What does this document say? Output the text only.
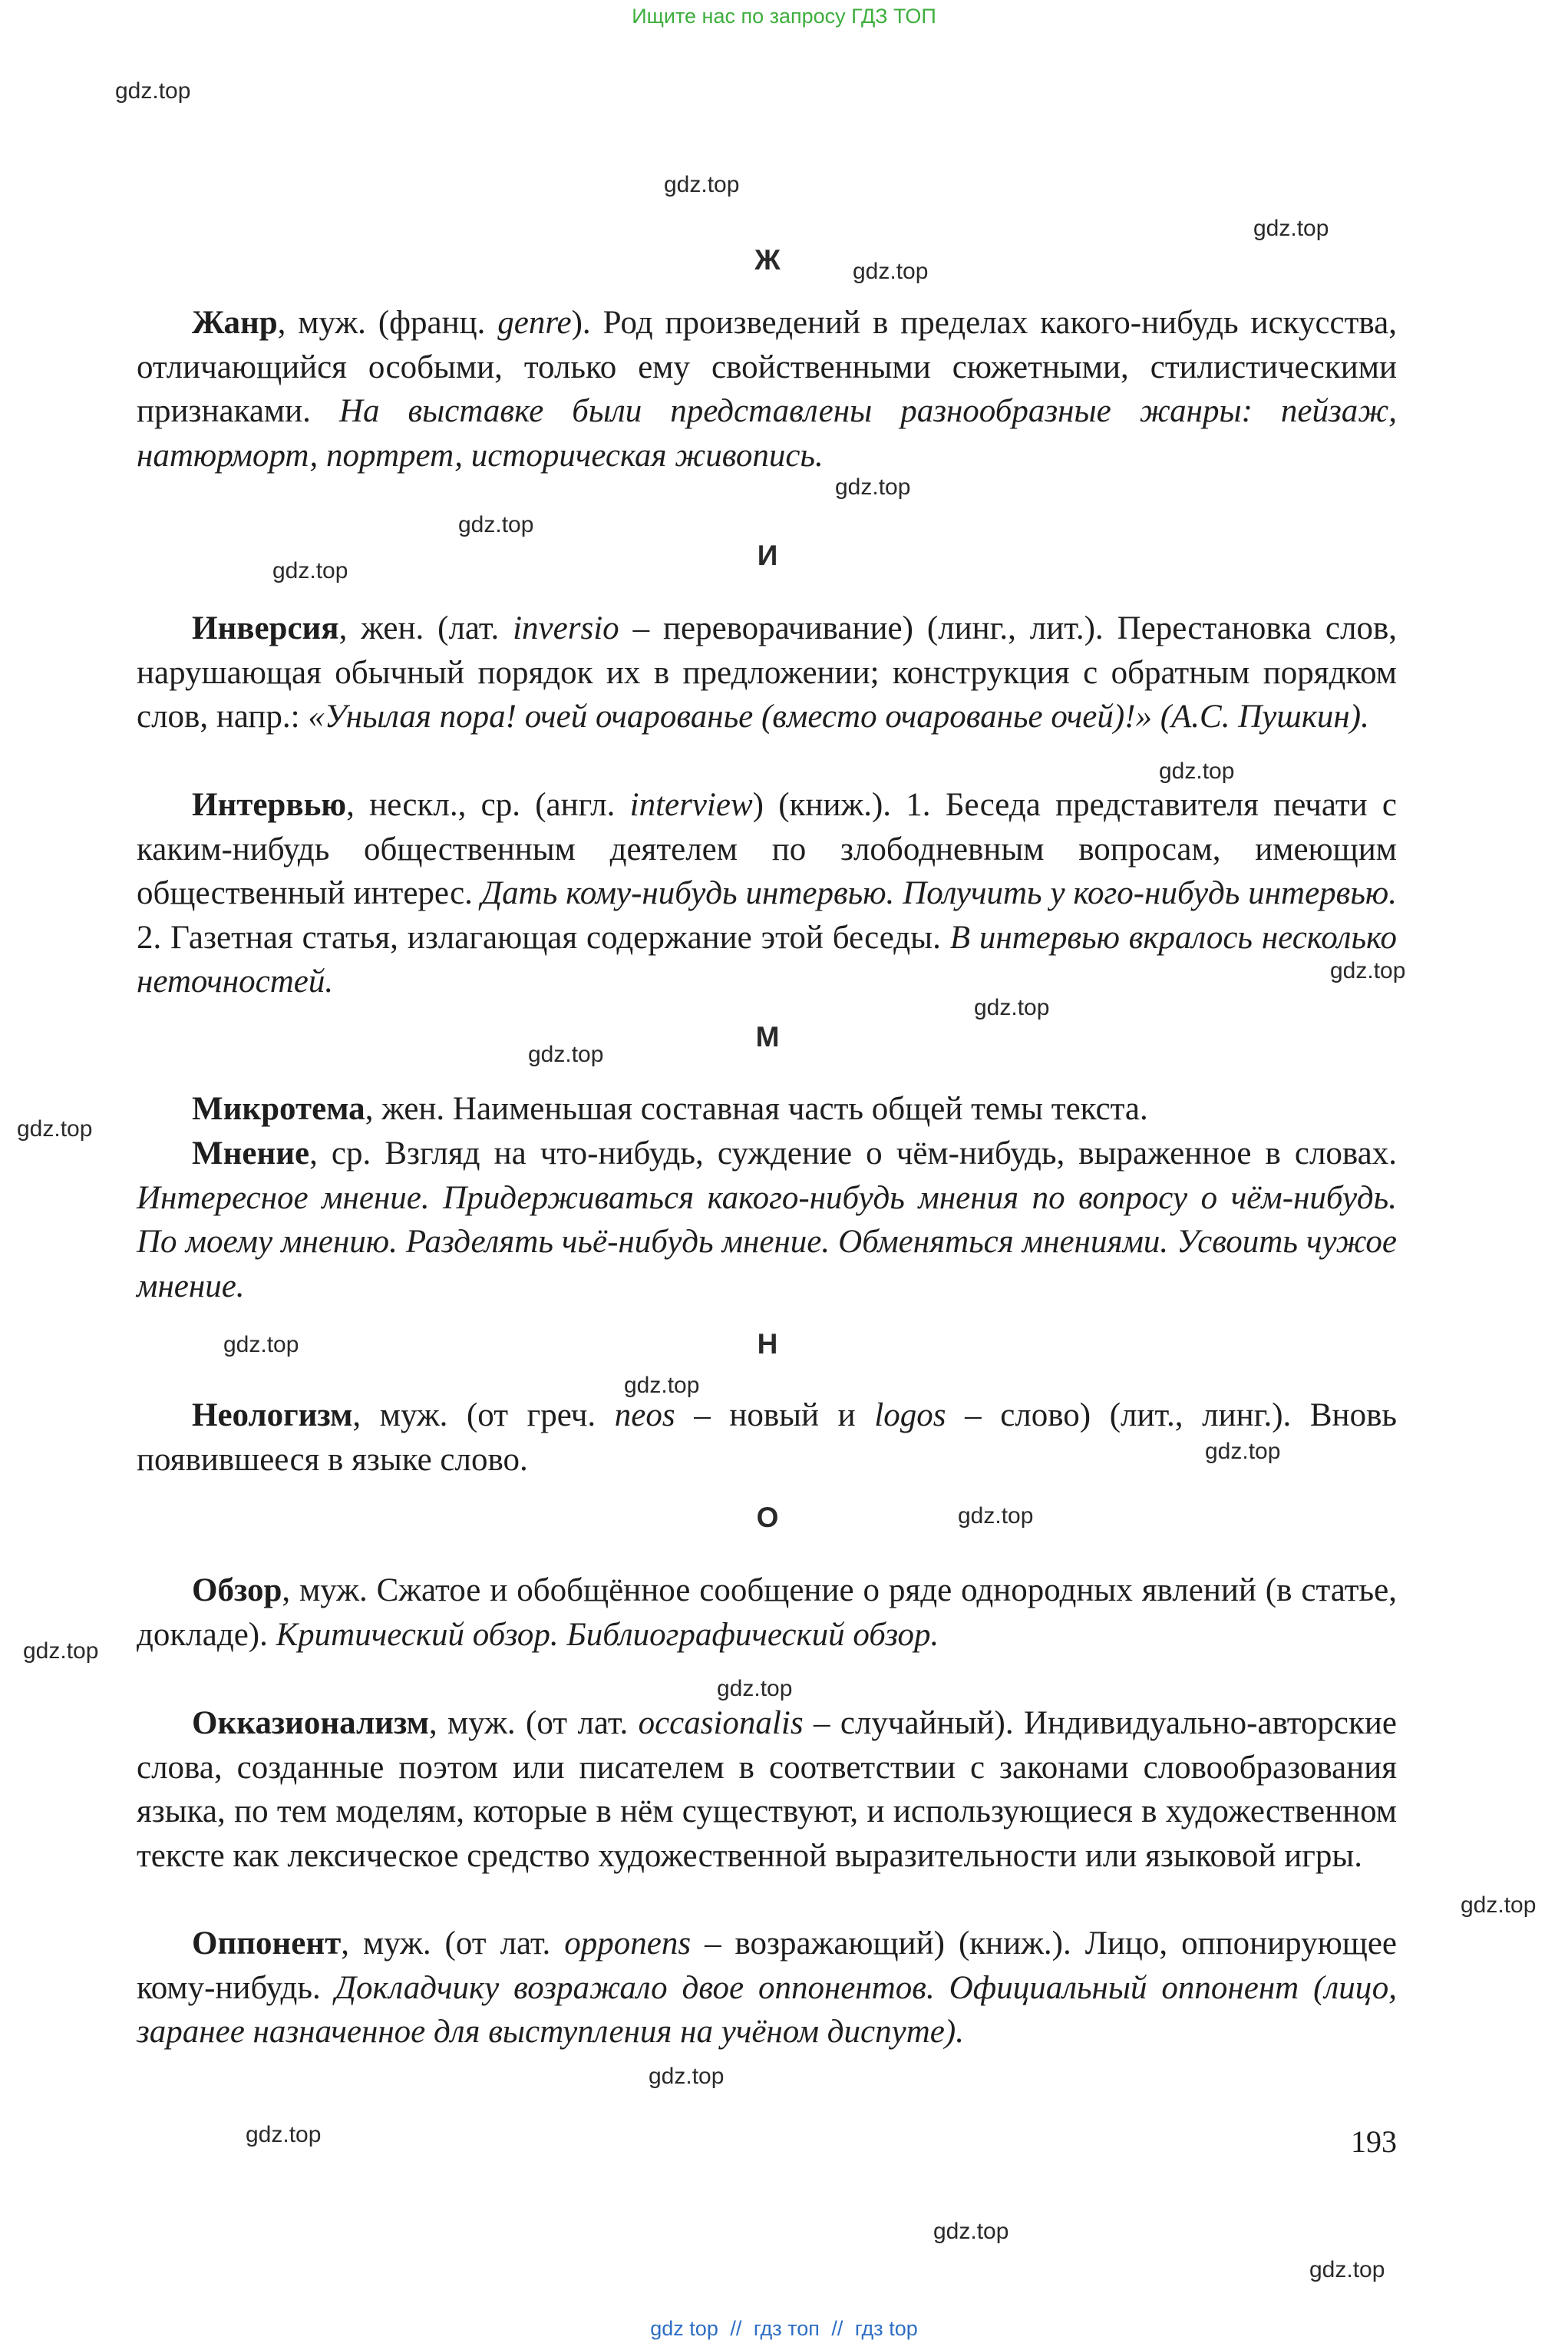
Ищите нас по запросу ГДЗ ТОП
gdz.top
gdz.top
gdz.top
gdz.top
gdz.top
gdz.top
gdz.top
gdz.top
gdz.top
gdz.top
gdz.top
gdz.top
gdz.top
gdz.top
gdz.top
gdz.top
gdz.top
gdz.top
gdz.top
gdz.top
gdz.top
gdz.top
gdz.top
Ж
И
М
Н
О

Жанр, муж. (франц. genre). Род произведений в пределах какого-нибудь искусства, отличающийся особыми, только ему свойственными сюжетными, стилистическими признаками. На выставке были представлены разнообразные жанры: пейзаж, натюрморт, портрет, историческая живопись.

Инверсия, жен. (лат. inversio – переворачивание) (линг., лит.). Перестановка слов, нарушающая обычный порядок их в предложении; конструкция с обратным порядком слов, напр.: «Унылая пора! очей очарованье (вместо очарованье очей)!» (А.С. Пушкин).

Интервью, нескл., ср. (англ. interview) (книж.). 1. Беседа представителя печати с каким-нибудь общественным деятелем по злободневным вопросам, имеющим общественный интерес. Дать кому-нибудь интервью. Получить у кого-нибудь интервью. 2. Газетная статья, излагающая содержание этой беседы. В интервью вкралось несколько неточностей.

Микротема, жен. Наименьшая составная часть общей темы текста.

Мнение, ср. Взгляд на что-нибудь, суждение о чём-нибудь, выраженное в словах. Интересное мнение. Придерживаться какого-нибудь мнения по вопросу о чём-нибудь. По моему мнению. Разделять чьё-нибудь мнение. Обменяться мнениями. Усвоить чужое мнение.

Неологизм, муж. (от греч. neos – новый и logos – слово) (лит., линг.). Вновь появившееся в языке слово.

Обзор, муж. Сжатое и обобщённое сообщение о ряде однородных явлений (в статье, докладе). Критический обзор. Библиографический обзор.

Окказионализм, муж. (от лат. occasionalis – случайный). Индивидуально-авторские слова, созданные поэтом или писателем в соответствии с законами словообразования языка, по тем моделям, которые в нём существуют, и использующиеся в художественном тексте как лексическое средство художественной выразительности или языковой игры.

Оппонент, муж. (от лат. opponens – возражающий) (книж.). Лицо, оппонирующее кому-нибудь. Докладчику возражало двое оппонентов. Официальный оппонент (лицо, заранее назначенное для выступления на учёном диспуте).

193
gdz top // гдз топ // гдз top
